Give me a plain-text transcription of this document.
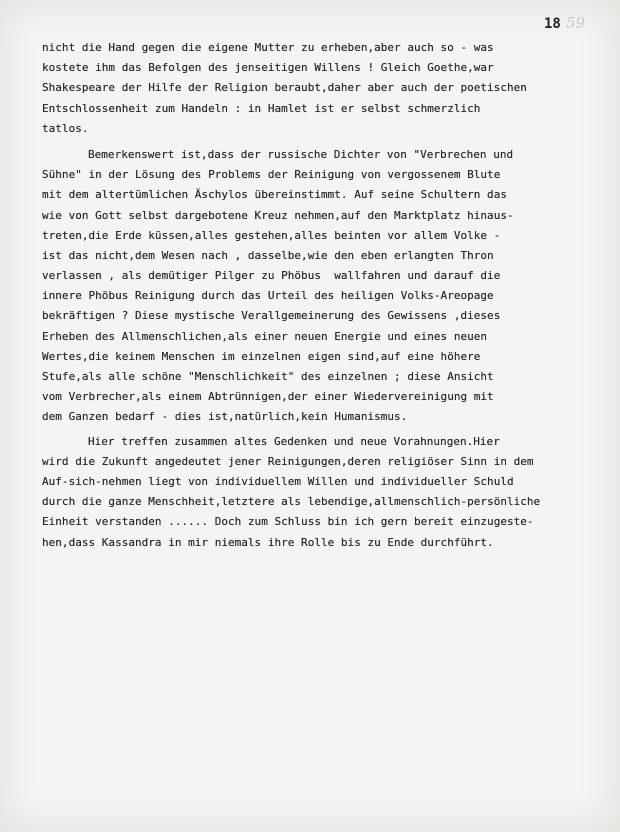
18 59
nicht die Hand gegen die eigene Mutter zu erheben,aber auch so - was
kostete ihm das Befolgen des jenseitigen Willens ! Gleich Goethe,war
Shakespeare der Hilfe der Religion beraubt,daher aber auch der poetischen
Entschlossenheit zum Handeln : in Hamlet ist er selbst schmerzlich
tatlos.
Bemerkenswert ist,dass der russische Dichter von "Verbrechen und
Sühne" in der Lösung des Problems der Reinigung von vergossenem Blute
mit dem altertümlichen Äschylos übereinstimmt. Auf seine Schultern das
wie von Gott selbst dargebotene Kreuz nehmen,auf den Marktplatz hinaus-
treten,die Erde küssen,alles gestehen,alles beinten vor allem Volke -
ist das nicht,dem Wesen nach , dasselbe,wie den eben erlangten Thron
verlassen , als demütiger Pilger zu Phöbus  wallfahren und darauf die
innere Phöbus Reinigung durch das Urteil des heiligen Volks-Areopage
bekräftigen ? Diese mystische Verallgemeinerung des Gewissens ,dieses
Erheben des Allmenschlichen,als einer neuen Energie und eines neuen
Wertes,die keinem Menschen im einzelnen eigen sind,auf eine höhere
Stufe,als alle schöne "Menschlichkeit" des einzelnen ; diese Ansicht
vom Verbrecher,als einem Abtrünnigen,der einer Wiedervereinigung mit
dem Ganzen bedarf - dies ist,natürlich,kein Humanismus.
Hier treffen zusammen altes Gedenken und neue Vorahnungen.Hier
wird die Zukunft angedeutet jener Reinigungen,deren religiöser Sinn in dem
Auf-sich-nehmen liegt von individuellem Willen und individueller Schuld
durch die ganze Menschheit,letztere als lebendige,allmenschlich-persönliche
Einheit verstanden ...... Doch zum Schluss bin ich gern bereit einzugeste-
hen,dass Kassandra in mir niemals ihre Rolle bis zu Ende durchführt.
